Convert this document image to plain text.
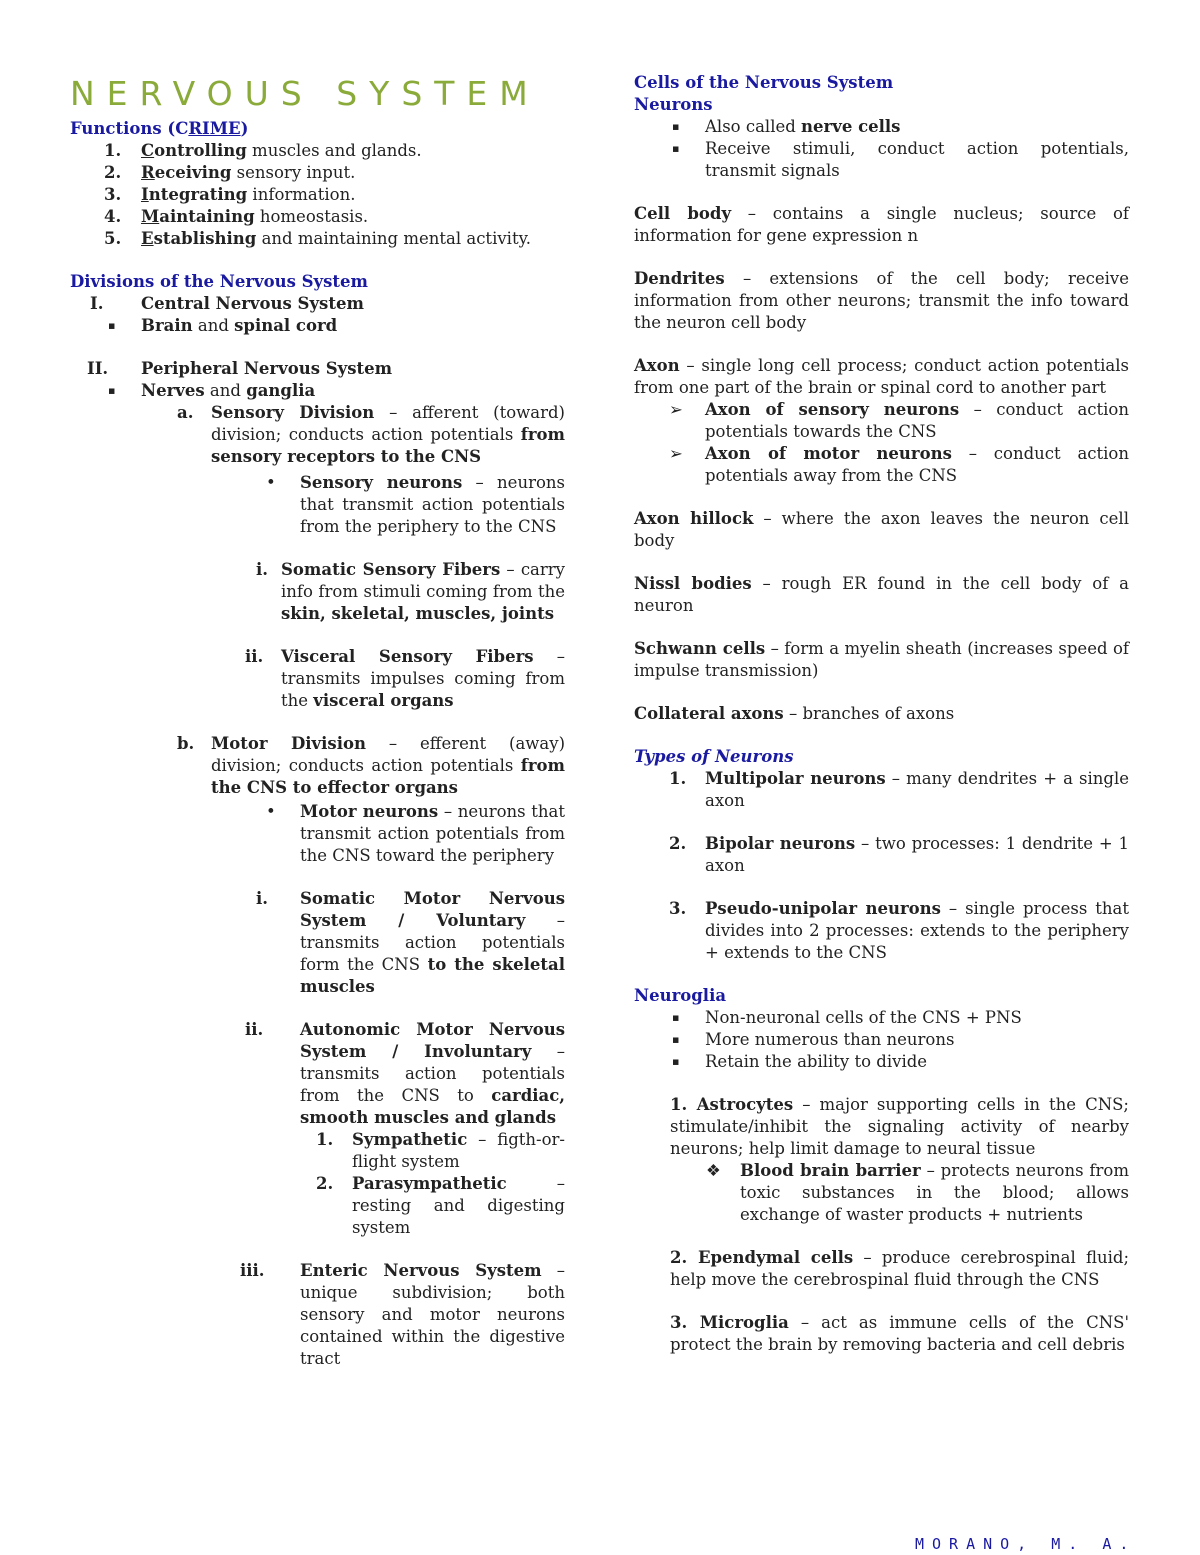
NERVOUS SYSTEM
Functions (CRIME)
1. Controlling muscles and glands.
2. Receiving sensory input.
3. Integrating information.
4. Maintaining homeostasis.
5. Establishing and maintaining mental activity.
Divisions of the Nervous System
I. Central Nervous System
▪ Brain and spinal cord
II. Peripheral Nervous System
▪ Nerves and ganglia
a. Sensory Division – afferent (toward) division; conducts action potentials from sensory receptors to the CNS
• Sensory neurons – neurons that transmit action potentials from the periphery to the CNS
i. Somatic Sensory Fibers – carry info from stimuli coming from the skin, skeletal, muscles, joints
ii. Visceral Sensory Fibers – transmits impulses coming from the visceral organs
b. Motor Division – efferent (away) division; conducts action potentials from the CNS to effector organs
• Motor neurons – neurons that transmit action potentials from the CNS toward the periphery
i. Somatic Motor Nervous System / Voluntary – transmits action potentials form the CNS to the skeletal muscles
ii. Autonomic Motor Nervous System / Involuntary – transmits action potentials from the CNS to cardiac, smooth muscles and glands
1. Sympathetic – figth-or-flight system
2. Parasympathetic – resting and digesting system
iii. Enteric Nervous System – unique subdivision; both sensory and motor neurons contained within the digestive tract
Cells of the Nervous System
Neurons
▪ Also called nerve cells
▪ Receive stimuli, conduct action potentials, transmit signals
Cell body – contains a single nucleus; source of information for gene expression n
Dendrites – extensions of the cell body; receive information from other neurons; transmit the info toward the neuron cell body
Axon – single long cell process; conduct action potentials from one part of the brain or spinal cord to another part
➢ Axon of sensory neurons – conduct action potentials towards the CNS
➢ Axon of motor neurons – conduct action potentials away from the CNS
Axon hillock – where the axon leaves the neuron cell body
Nissl bodies – rough ER found in the cell body of a neuron
Schwann cells – form a myelin sheath (increases speed of impulse transmission)
Collateral axons – branches of axons
Types of Neurons
1. Multipolar neurons – many dendrites + a single axon
2. Bipolar neurons – two processes: 1 dendrite + 1 axon
3. Pseudo-unipolar neurons – single process that divides into 2 processes: extends to the periphery + extends to the CNS
Neuroglia
▪ Non-neuronal cells of the CNS + PNS
▪ More numerous than neurons
▪ Retain the ability to divide
1. Astrocytes – major supporting cells in the CNS; stimulate/inhibit the signaling activity of nearby neurons; help limit damage to neural tissue
❖ Blood brain barrier – protects neurons from toxic substances in the blood; allows exchange of waster products + nutrients
2. Ependymal cells – produce cerebrospinal fluid; help move the cerebrospinal fluid through the CNS
3. Microglia – act as immune cells of the CNS' protect the brain by removing bacteria and cell debris
MORANO, M. A.
